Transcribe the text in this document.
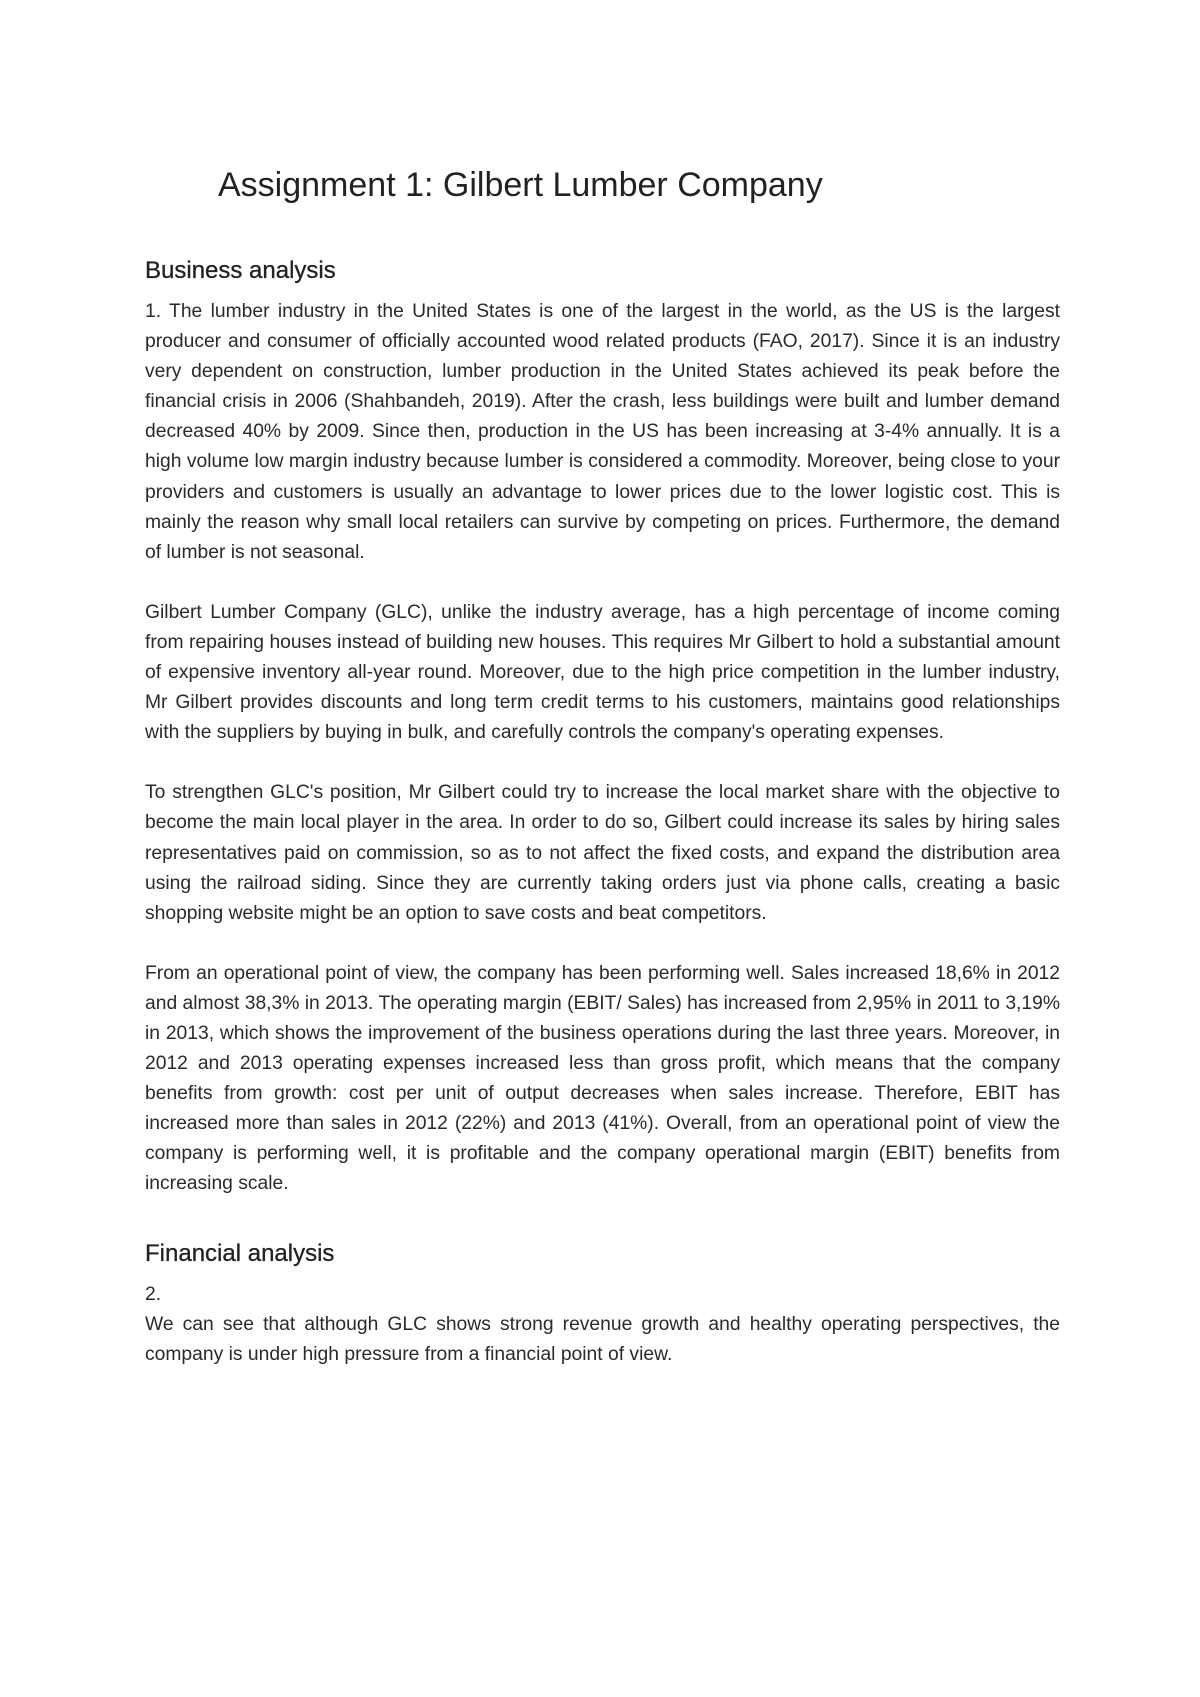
Assignment 1: Gilbert Lumber Company
Business analysis

1. The lumber industry in the United States is one of the largest in the world, as the US is the largest producer and consumer of officially accounted wood related products (FAO, 2017). Since it is an industry very dependent on construction, lumber production in the United States achieved its peak before the financial crisis in 2006 (Shahbandeh, 2019). After the crash, less buildings were built and lumber demand decreased 40% by 2009. Since then, production in the US has been increasing at 3-4% annually. It is a high volume low margin industry because lumber is considered a commodity. Moreover, being close to your providers and customers is usually an advantage to lower prices due to the lower logistic cost. This is mainly the reason why small local retailers can survive by competing on prices. Furthermore, the demand of lumber is not seasonal.

Gilbert Lumber Company (GLC), unlike the industry average, has a high percentage of income coming from repairing houses instead of building new houses. This requires Mr Gilbert to hold a substantial amount of expensive inventory all-year round. Moreover, due to the high price competition in the lumber industry, Mr Gilbert provides discounts and long term credit terms to his customers, maintains good relationships with the suppliers by buying in bulk, and carefully controls the company's operating expenses.

To strengthen GLC's position, Mr Gilbert could try to increase the local market share with the objective to become the main local player in the area. In order to do so, Gilbert could increase its sales by hiring sales representatives paid on commission, so as to not affect the fixed costs, and expand the distribution area using the railroad siding. Since they are currently taking orders just via phone calls, creating a basic shopping website might be an option to save costs and beat competitors.

From an operational point of view, the company has been performing well. Sales increased 18,6% in 2012 and almost 38,3% in 2013. The operating margin (EBIT/ Sales) has increased from 2,95% in 2011 to 3,19% in 2013, which shows the improvement of the business operations during the last three years. Moreover, in 2012 and 2013 operating expenses increased less than gross profit, which means that the company benefits from growth: cost per unit of output decreases when sales increase. Therefore, EBIT has increased more than sales in 2012 (22%) and 2013 (41%). Overall, from an operational point of view the company is performing well, it is profitable and the company operational margin (EBIT) benefits from increasing scale.

Financial analysis

2.

We can see that although GLC shows strong revenue growth and healthy operating perspectives, the company is under high pressure from a financial point of view.
